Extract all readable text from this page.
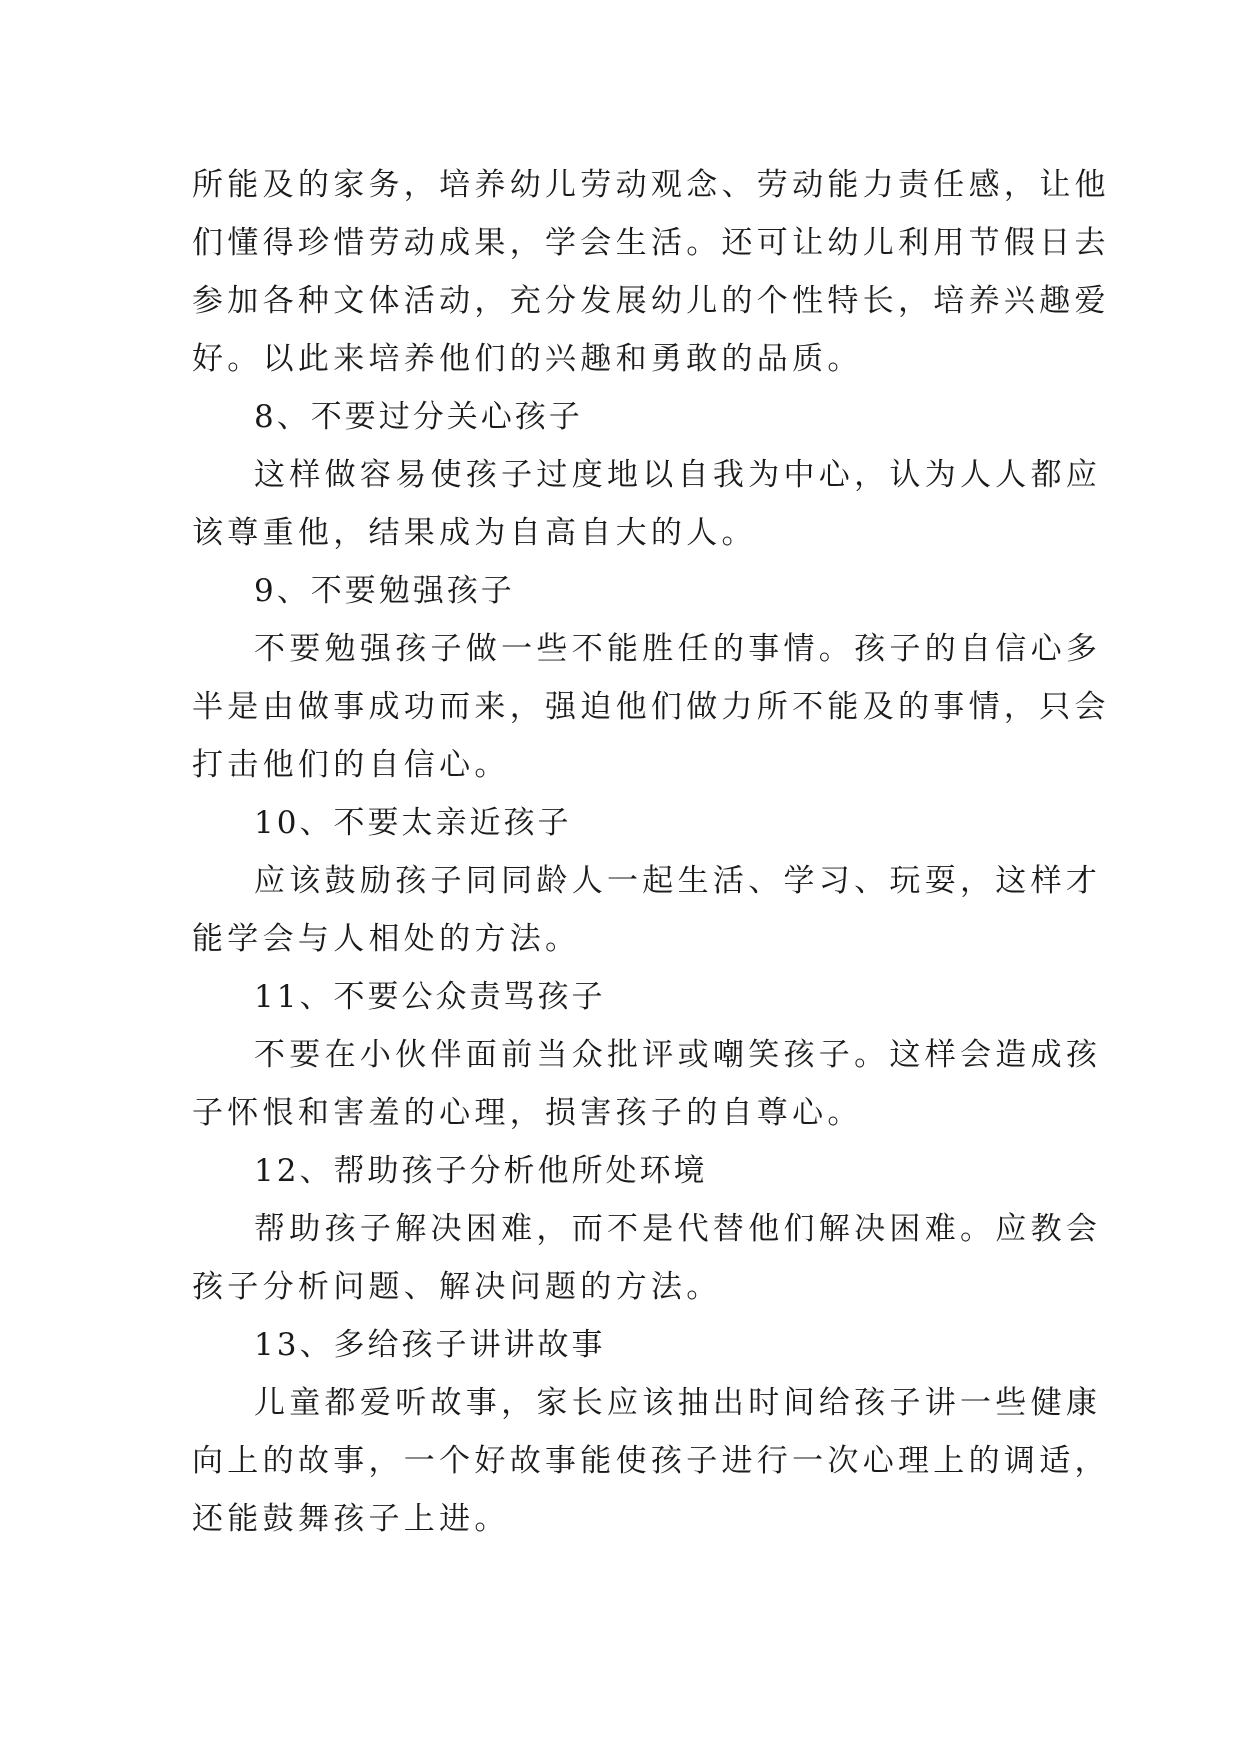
所能及的家务，培养幼儿劳动观念、劳动能力责任感，让他
们懂得珍惜劳动成果，学会生活。还可让幼儿利用节假日去
参加各种文体活动，充分发展幼儿的个性特长，培养兴趣爱
好。以此来培养他们的兴趣和勇敢的品质。
8、不要过分关心孩子
这样做容易使孩子过度地以自我为中心，认为人人都应
该尊重他，结果成为自高自大的人。
9、不要勉强孩子
不要勉强孩子做一些不能胜任的事情。孩子的自信心多
半是由做事成功而来，强迫他们做力所不能及的事情，只会
打击他们的自信心。
10、不要太亲近孩子
应该鼓励孩子同同龄人一起生活、学习、玩耍，这样才
能学会与人相处的方法。
11、不要公众责骂孩子
不要在小伙伴面前当众批评或嘲笑孩子。这样会造成孩
子怀恨和害羞的心理，损害孩子的自尊心。
12、帮助孩子分析他所处环境
帮助孩子解决困难，而不是代替他们解决困难。应教会
孩子分析问题、解决问题的方法。
13、多给孩子讲讲故事
儿童都爱听故事，家长应该抽出时间给孩子讲一些健康
向上的故事，一个好故事能使孩子进行一次心理上的调适，
还能鼓舞孩子上进。
